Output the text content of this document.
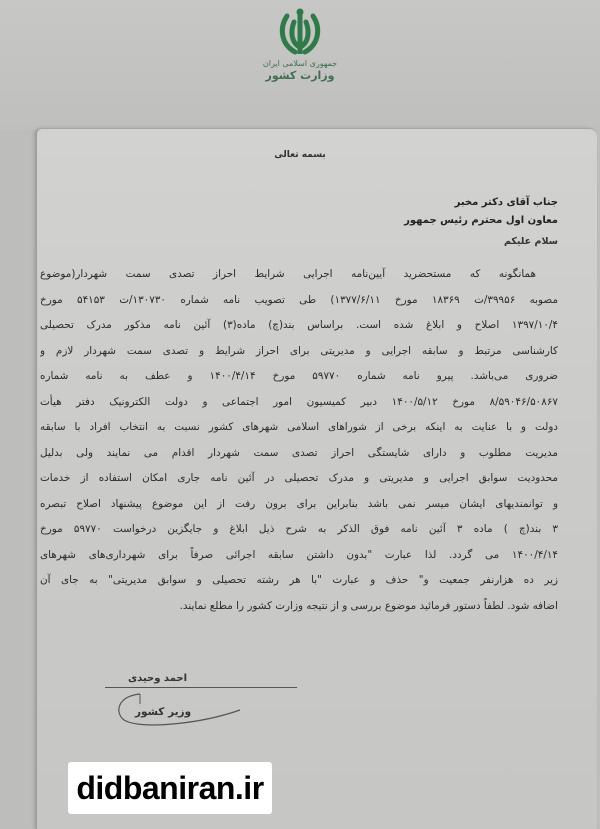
جمهوری اسلامی ایران
وزارت کشور
بسمه تعالی
جناب آقای دکتر مخبر
معاون اول محترم رئیس جمهور
سلام علیکم
همانگونه که مستحضرید آیین‌نامه اجرایی شرایط احراز تصدی سمت شهردار(موضوع
مصوبه ۳۹۹۵۶/ت ۱۸۳۶۹ مورخ ۱۳۷۷/۶/۱۱) طی تصویب نامه شماره ۱۳۰۷۳۰/ت ۵۴۱۵۳ مورخ
۱۳۹۷/۱۰/۴ اصلاح و ابلاغ شده است. براساس بند(چ) ماده(۳) آئین نامه مذکور مدرک تحصیلی
کارشناسی مرتبط و سابقه اجرایی و مدیریتی برای احراز شرایط و تصدی سمت شهردار لازم و
ضروری می‌باشد. پیرو نامه شماره ۵۹۷۷۰ مورخ ۱۴۰۰/۴/۱۴ و عطف به نامه شماره
۸/۵۹۰۴۶/۵۰۸۶۷ مورخ ۱۴۰۰/۵/۱۲ دبیر کمیسیون امور اجتماعی و دولت الکترونیک دفتر هیأت
دولت و با عنایت به اینکه برخی از شوراهای اسلامی شهرهای کشور نسبت به انتخاب افراد با سابقه
مدیریت مطلوب و دارای شایستگی احراز تصدی سمت شهردار اقدام می نمایند ولی بدلیل
محدودیت سوابق اجرایی و مدیریتی و مدرک تحصیلی در آئین نامه جاری امکان استفاده از خدمات
و توانمندیهای ایشان میسر نمی باشد بنابراین برای برون رفت از این موضوع پیشنهاد اصلاح تبصره
۳ بند(چ ) ماده ۳ آئین نامه فوق الذکر به شرح ذیل ابلاغ و جایگزین درخواست ۵۹۷۷۰ مورخ
۱۴۰۰/۴/۱۴ می گردد. لذا عبارت "بدون داشتن سابقه اجرائی صرفاً برای شهرداری‌های شهرهای
زیر ده هزارنفر جمعیت و" حذف و عبارت "با هر رشته تحصیلی و سوابق مدیریتی" به جای آن
اضافه شود. لطفاً دستور فرمائید موضوع بررسی و از نتیجه وزارت کشور را مطلع نمایند.
احمد وحیدی
وزیر کشور
didbaniran.ir
